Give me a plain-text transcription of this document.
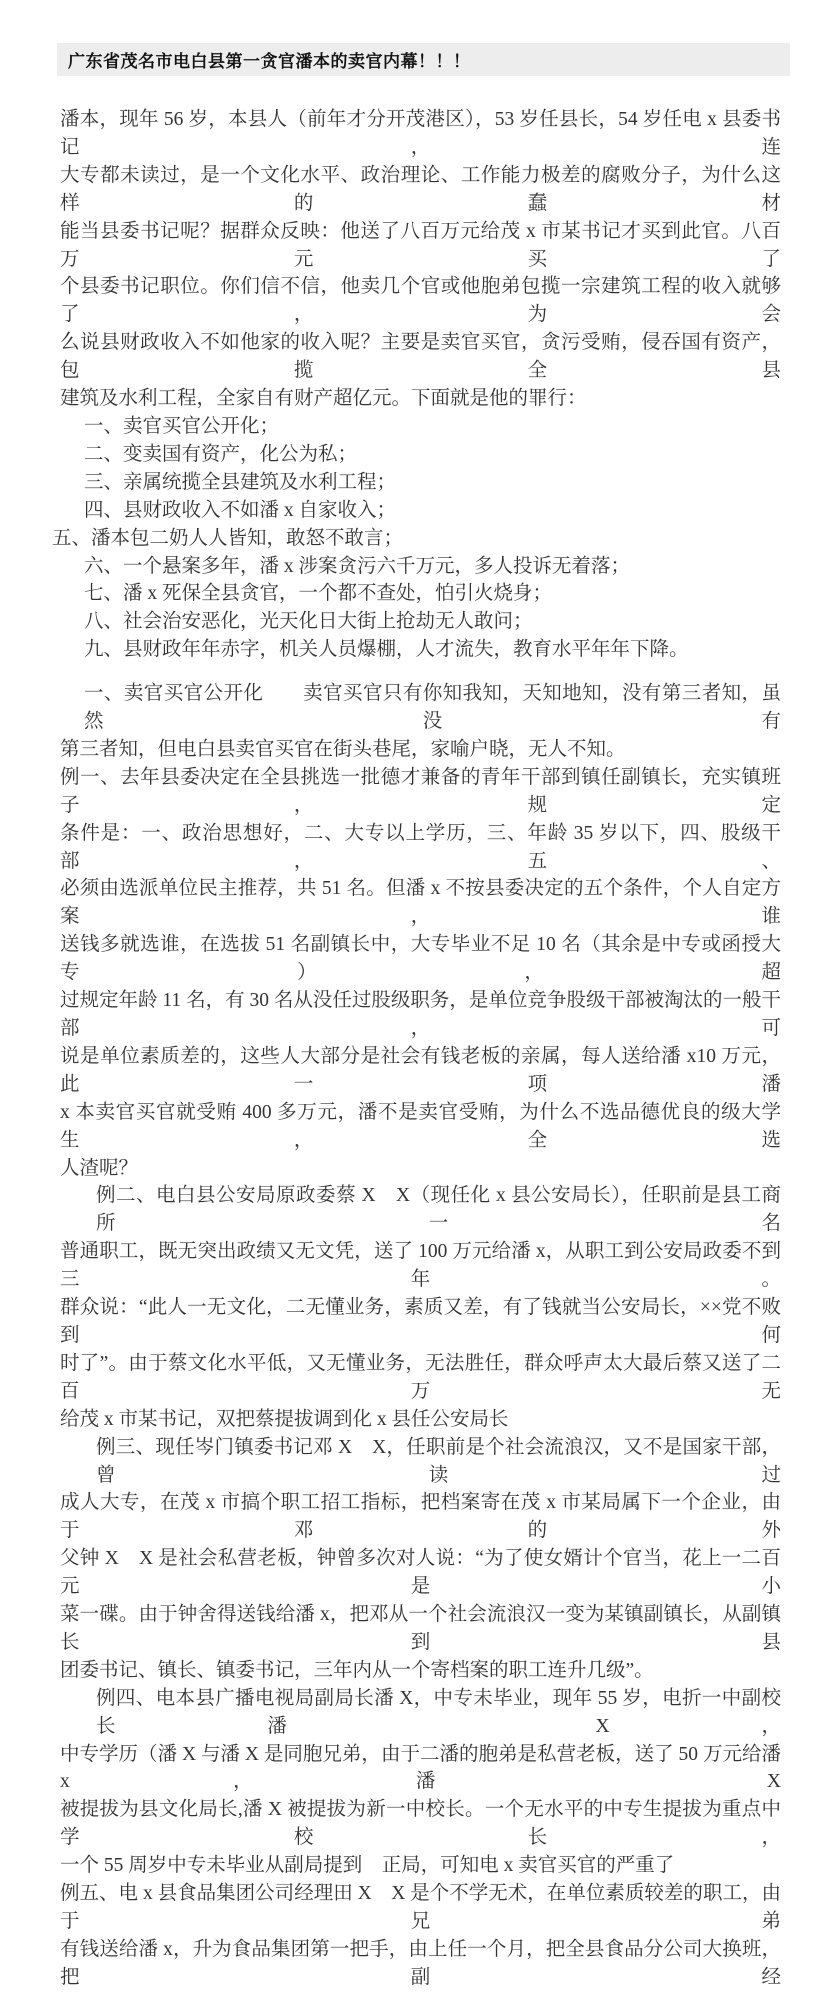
广东省茂名市电白县第一贪官潘本的卖官内幕！！！
潘本，现年 56 岁，本县人（前年才分开茂港区），53 岁任县长，54 岁任电 x 县委书记，连
大专都未读过，是一个文化水平、政治理论、工作能力极差的腐败分子，为什么这样的蠢材
能当县委书记呢？据群众反映：他送了八百万元给茂 x 市某书记才买到此官。八百万元买了
个县委书记职位。你们信不信，他卖几个官或他胞弟包揽一宗建筑工程的收入就够了，为会
么说县财政收入不如他家的收入呢？主要是卖官买官，贪污受贿，侵吞国有资产，包揽全县
建筑及水利工程，全家自有财产超亿元。下面就是他的罪行：
一、卖官买官公开化；
二、变卖国有资产，化公为私；
三、亲属统揽全县建筑及水利工程；
四、县财政收入不如潘 x 自家收入；
五、潘本包二奶人人皆知，敢怒不敢言；
六、一个悬案多年，潘 x 涉案贪污六千万元，多人投诉无着落；
七、潘 x 死保全县贪官，一个都不查处，怕引火烧身；
八、社会治安恶化，光天化日大街上抢劫无人敢问；
九、县财政年年赤字，机关人员爆棚，人才流失，教育水平年年下降。
一、卖官买官公开化　　卖官买官只有你知我知，天知地知，没有第三者知，虽然没有
第三者知，但电白县卖官买官在街头巷尾，家喻户晓，无人不知。
例一、去年县委决定在全县挑选一批德才兼备的青年干部到镇任副镇长，充实镇班子，规定
条件是：一、政治思想好，二、大专以上学历，三、年龄 35 岁以下，四、股级干部，五、
必须由选派单位民主推荐，共 51 名。但潘 x 不按县委决定的五个条件，个人自定方案，谁
送钱多就选谁，在选拔 51 名副镇长中，大专毕业不足 10 名（其余是中专或函授大专），超
过规定年龄 11 名，有 30 名从没任过股级职务，是单位竞争股级干部被淘汰的一般干部，可
说是单位素质差的，这些人大部分是社会有钱老板的亲属，每人送给潘 x10 万元，此一项潘
x 本卖官买官就受贿 400 多万元，潘不是卖官受贿，为什么不选品德优良的级大学生，全选
人渣呢？
例二、电白县公安局原政委蔡 X　X（现任化 x 县公安局长），任职前是县工商所一名
普通职工，既无突出政绩又无文凭，送了 100 万元给潘 x，从职工到公安局政委不到三年。
群众说：“此人一无文化，二无懂业务，素质又差，有了钱就当公安局长，××党不败到何
时了”。由于蔡文化水平低，又无懂业务，无法胜任，群众呼声太大最后蔡又送了二百万无
给茂 x 市某书记，双把蔡提拔调到化 x 县任公安局长
例三、现任岑门镇委书记邓 X　X，任职前是个社会流浪汉，又不是国家干部，曾读过
成人大专，在茂 x 市搞个职工招工指标，把档案寄在茂 x 市某局属下一个企业，由于邓的外
父钟 X　X 是社会私营老板，钟曾多次对人说：“为了使女婿计个官当，花上一二百元是小
菜一碟。由于钟舍得送钱给潘 x，把邓从一个社会流浪汉一变为某镇副镇长，从副镇长到县
团委书记、镇长、镇委书记，三年内从一个寄档案的职工连升几级”。
例四、电本县广播电视局副局长潘 X，中专未毕业，现年 55 岁，电折一中副校长潘 X，
中专学历（潘 X 与潘 X 是同胞兄弟，由于二潘的胞弟是私营老板，送了 50 万元给潘 x，潘 X
被提拔为县文化局长,潘 X 被提拔为新一中校长。一个无水平的中专生提拔为重点中学校长，
一个 55 周岁中专未毕业从副局提到　正局，可知电 x 卖官买官的严重了
例五、电 x 县食品集团公司经理田 X　X 是个不学无术，在单位素质较差的职工，由于兄弟
有钱送给潘 x，升为食品集团第一把手，由上任一个月，把全县食品分公司大换班，把副经
